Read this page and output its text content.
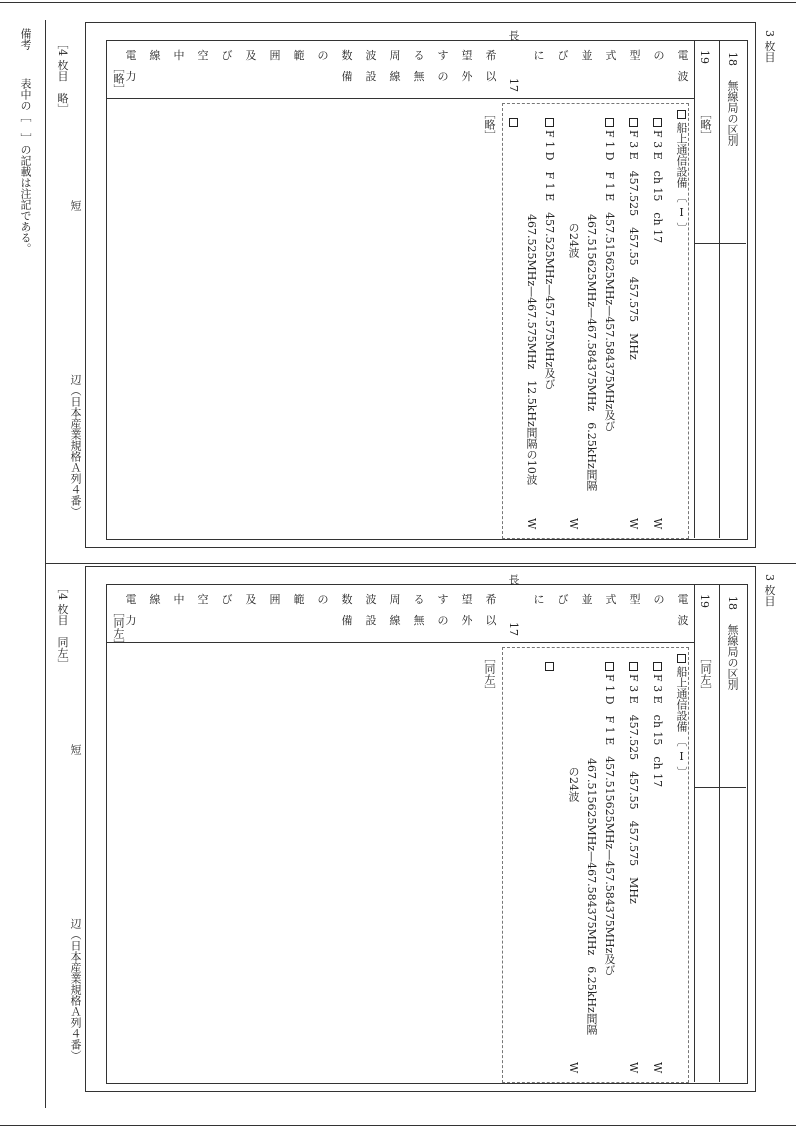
備考
表中の［　］の記載は注記である。
3 枚目
［4 枚目　略］	18
無線局の区別
19
長
17
電
波
の
型
式
並
び
に
希
以
望
外
す
の
る
無
周
線
波
設
数
備
の
範
囲
及
び
空
中
線
電
力
［略］
［略］
船上通信設備 〔 Ⅰ 〕
F 3 E　ch 15　ch 17
W
F 3 E　457.525　457.55　457.575　MHz
W
F 1 D　F 1 E　457.515625MHz—457.584375MHz及び
467.515625MHz—467.584375MHz　6.25kHz間隔
の24波
W
F 1 D　F 1 E　457.525MHz—457.575MHz及び
467.525MHz—467.575MHz　12.5kHz間隔の10波
W
［略］
短
辺（日本産業規格Ａ列４番）
3 枚目
［4 枚目　同左］	18
無線局の区別
19
長
17
電
波
の
型
式
並
び
に
希
以
望
外
す
の
る
無
周
線
波
設
数
備
の
範
囲
及
び
空
中
線
電
力
［同左］
［同左］
船上通信設備 〔 Ⅰ 〕
F 3 E　ch 15　ch 17
W
F 3 E　457.525　457.55　457.575　MHz
W
F 1 D　F 1 E　457.515625MHz—457.584375MHz及び
467.515625MHz—467.584375MHz　6.25kHz間隔
の24波
W
［同左］
短
辺（日本産業規格Ａ列４番）
